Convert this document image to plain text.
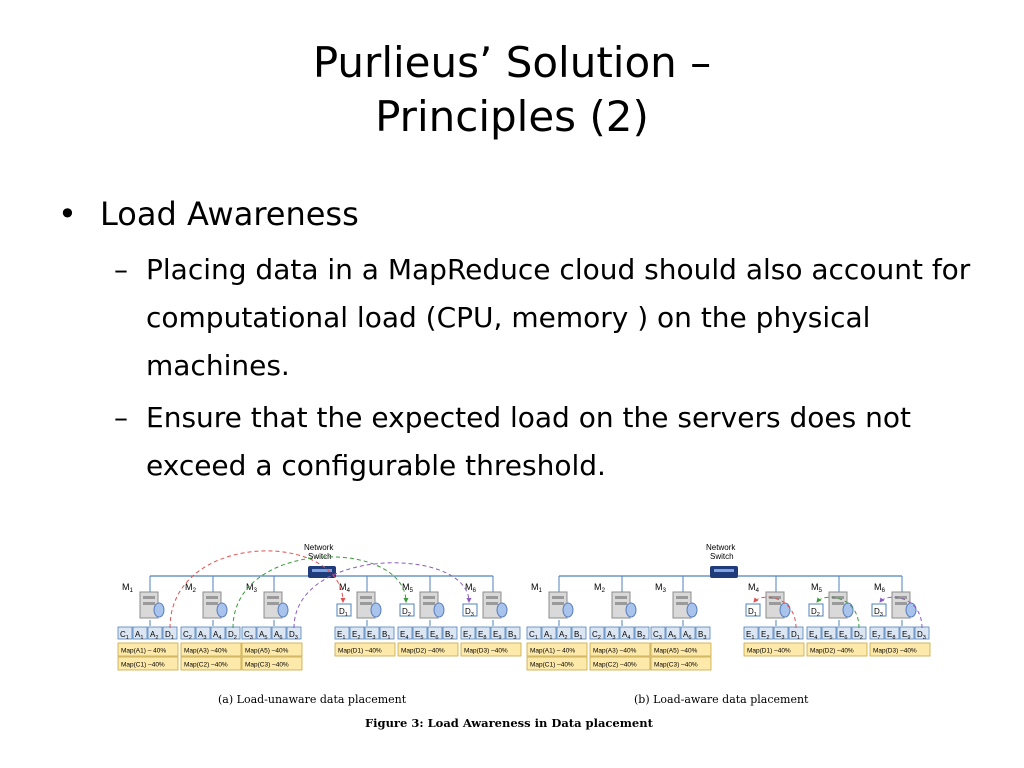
Purlieus’ Solution –
Principles (2)
• Load Awareness
– Placing data in a MapReduce cloud should also account for computational load (CPU, memory ) on the physical machines.
– Ensure that the expected load on the servers does not exceed a configurable threshold.
Network
Switch
$M_1$
$C_1$ $A_1$ $A_2$ $D_1$
Map(A1) – 40%
Map(C1) –40%
$M_2$
$C_2$ $A_3$ $A_4$ $D_2$
Map(A3) –40%
Map(C2) –40%
$M_3$
$C_3$ $A_5$ $A_6$ $D_3$
Map(A5) –40%
Map(C3) –40%
$M_4$
$D_1$
$E_1$ $E_2$ $E_3$ $B_1$
Map(D1) –40%
$M_5$
$D_2$
$E_4$ $E_5$ $E_6$ $B_2$
Map(D2) –40%
$M_6$
$D_3$
$E_7$ $E_8$ $E_9$ $B_3$
Map(D3) –40%
Network
Switch
$M_1$
$C_1$ $A_1$ $A_2$ $B_1$
Map(A1) – 40%
Map(C1) –40%
$M_2$
$C_2$ $A_3$ $A_4$ $B_2$
Map(A3) –40%
Map(C2) –40%
$M_3$
$C_3$ $A_5$ $A_6$ $B_3$
Map(A5) –40%
Map(C3) –40%
$M_4$
$D_1$
$E_1$ $E_2$ $E_3$ $D_1$
Map(D1) –40%
$M_5$
$D_2$
$E_4$ $E_5$ $E_6$ $D_2$
Map(D2) –40%
$M_6$
$D_3$
$E_7$ $E_8$ $E_9$ $D_3$
Map(D3) –40%
(a) Load-unaware data placement	(b) Load-aware data placement
Figure 3: Load Awareness in Data placement
